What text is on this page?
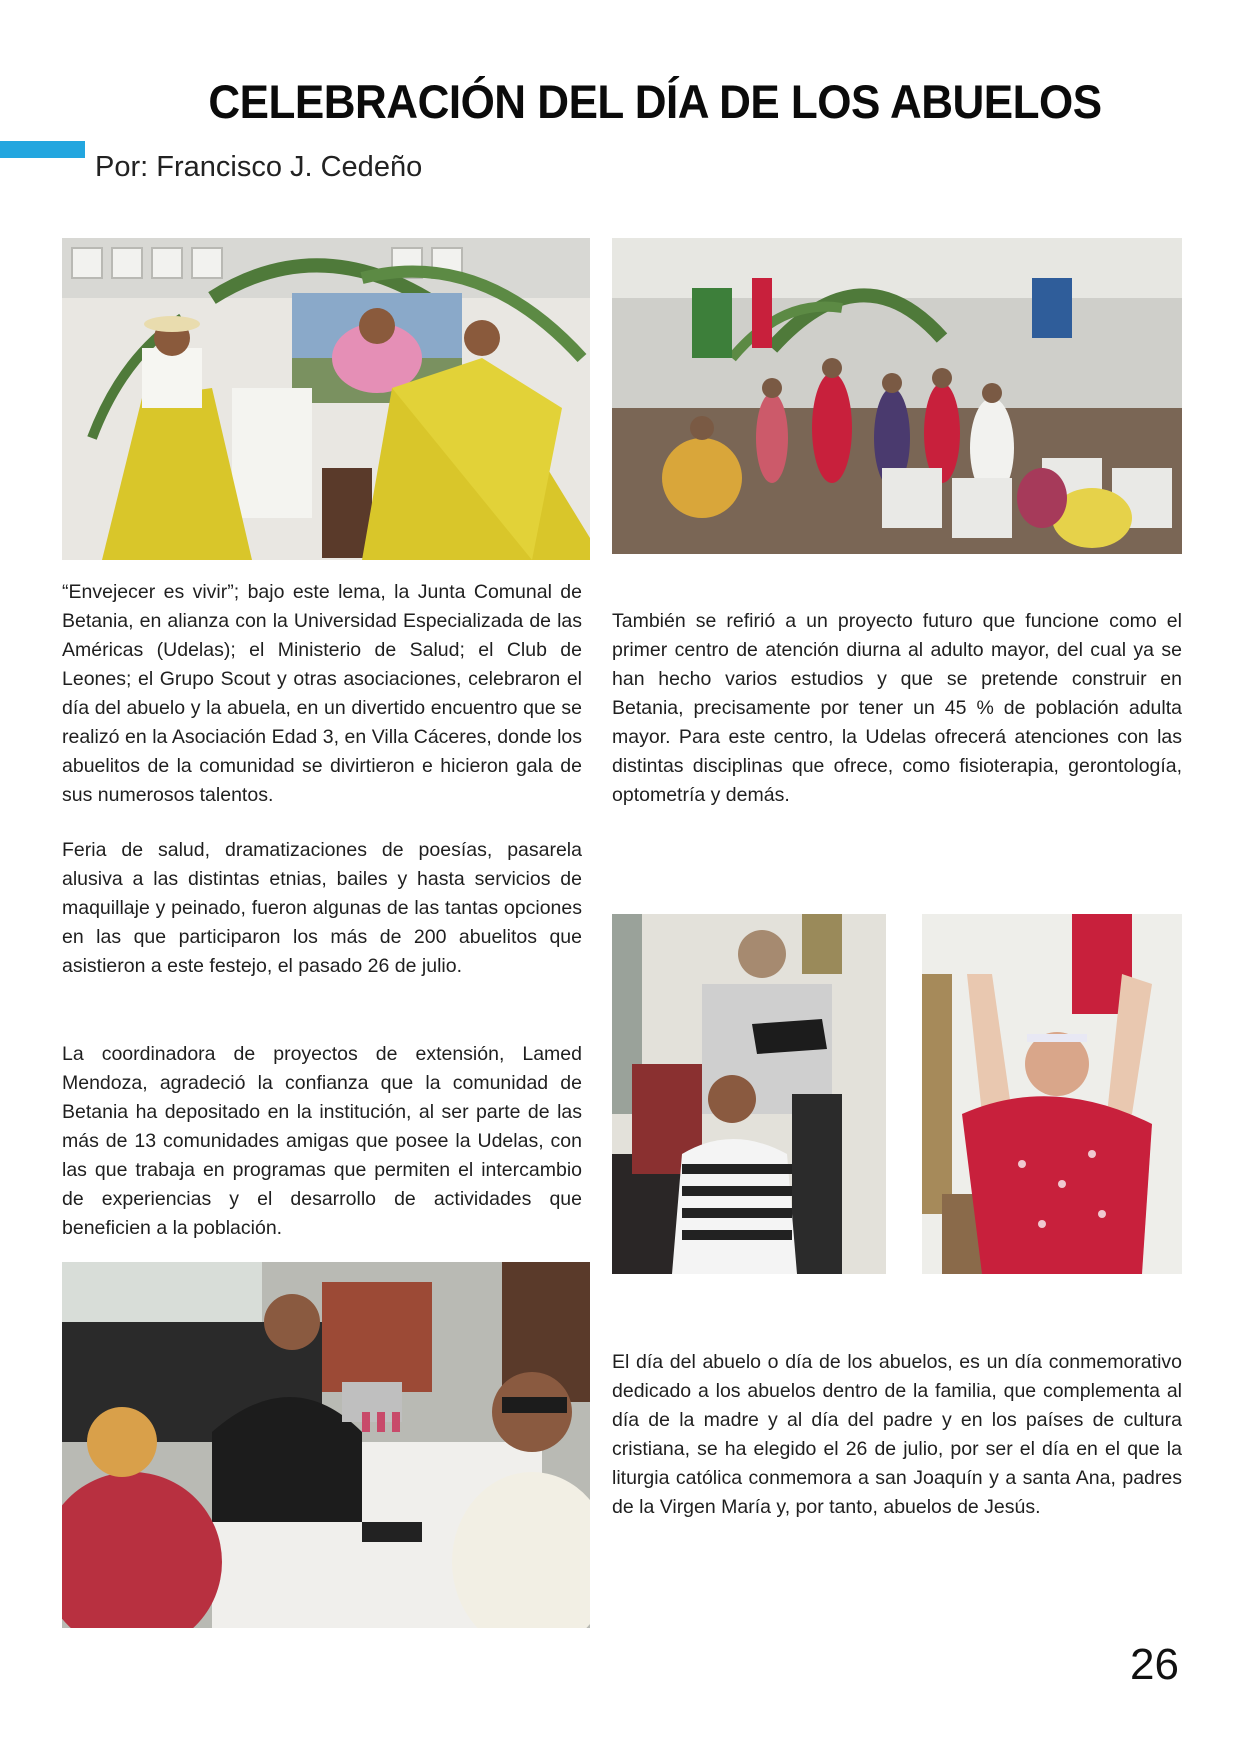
CELEBRACIÓN DEL DÍA DE LOS ABUELOS
Por: Francisco J. Cedeño

“Envejecer es vivir”; bajo este lema, la Junta Comunal de Betania, en alianza con la Universidad Especializada de las Américas (Udelas); el Ministerio de Salud; el Club de Leones; el Grupo Scout y otras asociaciones, celebraron el día del abuelo y la abuela, en un divertido encuentro que se realizó en la Asociación Edad 3, en Villa Cáceres, donde los abuelitos de la comunidad se divirtieron e hicieron gala de sus numerosos talentos.

Feria de salud, dramatizaciones de poesías, pasarela alusiva a las distintas etnias, bailes y hasta servicios de maquillaje y peinado, fueron algunas de las tantas opciones en las que participaron los más de 200 abuelitos que asistieron a este festejo, el pasado 26 de julio.

La coordinadora de proyectos de extensión, Lamed Mendoza, agradeció la confianza que la comunidad de Betania ha depositado en la institución, al ser parte de las más de 13 comunidades amigas que posee la Udelas, con las que trabaja en programas que permiten el intercambio de experiencias y el desarrollo de actividades que beneficien a la población.

También se refirió a un proyecto futuro que funcione como el primer centro de atención diurna al adulto mayor, del cual ya se han hecho varios estudios y que se pretende construir en Betania, precisamente por tener un 45 % de población adulta mayor. Para este centro, la Udelas ofrecerá atenciones con las distintas disciplinas que ofrece, como fisioterapia, gerontología, optometría y demás.

El día del abuelo o día de los abuelos, es un día conmemorativo dedicado a los abuelos dentro de la familia, que complementa al día de la madre y al día del padre y en los países de cultura cristiana, se ha elegido el 26 de julio, por ser el día en el que la liturgia católica conmemora a san Joaquín y a santa Ana, padres de la Virgen María y, por tanto, abuelos de Jesús.

26
